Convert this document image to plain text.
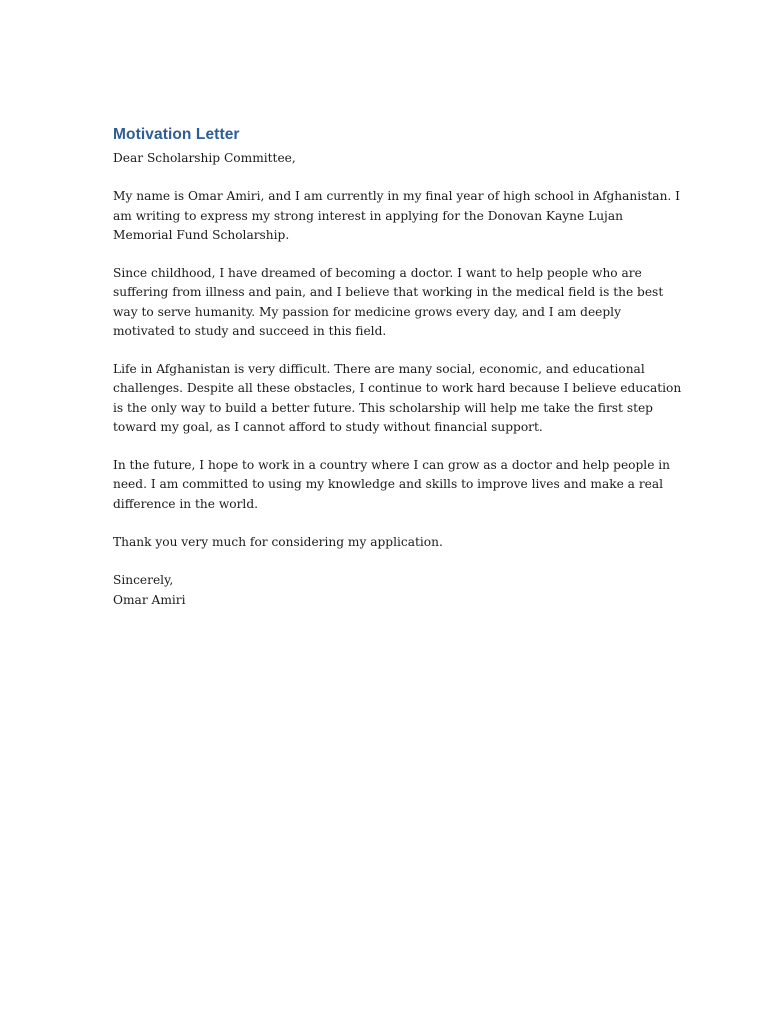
Motivation Letter

Dear Scholarship Committee,

My name is Omar Amiri, and I am currently in my final year of high school in Afghanistan. I
am writing to express my strong interest in applying for the Donovan Kayne Lujan
Memorial Fund Scholarship.

Since childhood, I have dreamed of becoming a doctor. I want to help people who are
suffering from illness and pain, and I believe that working in the medical field is the best
way to serve humanity. My passion for medicine grows every day, and I am deeply
motivated to study and succeed in this field.

Life in Afghanistan is very difficult. There are many social, economic, and educational
challenges. Despite all these obstacles, I continue to work hard because I believe education
is the only way to build a better future. This scholarship will help me take the first step
toward my goal, as I cannot afford to study without financial support.

In the future, I hope to work in a country where I can grow as a doctor and help people in
need. I am committed to using my knowledge and skills to improve lives and make a real
difference in the world.

Thank you very much for considering my application.

Sincerely,
Omar Amiri
